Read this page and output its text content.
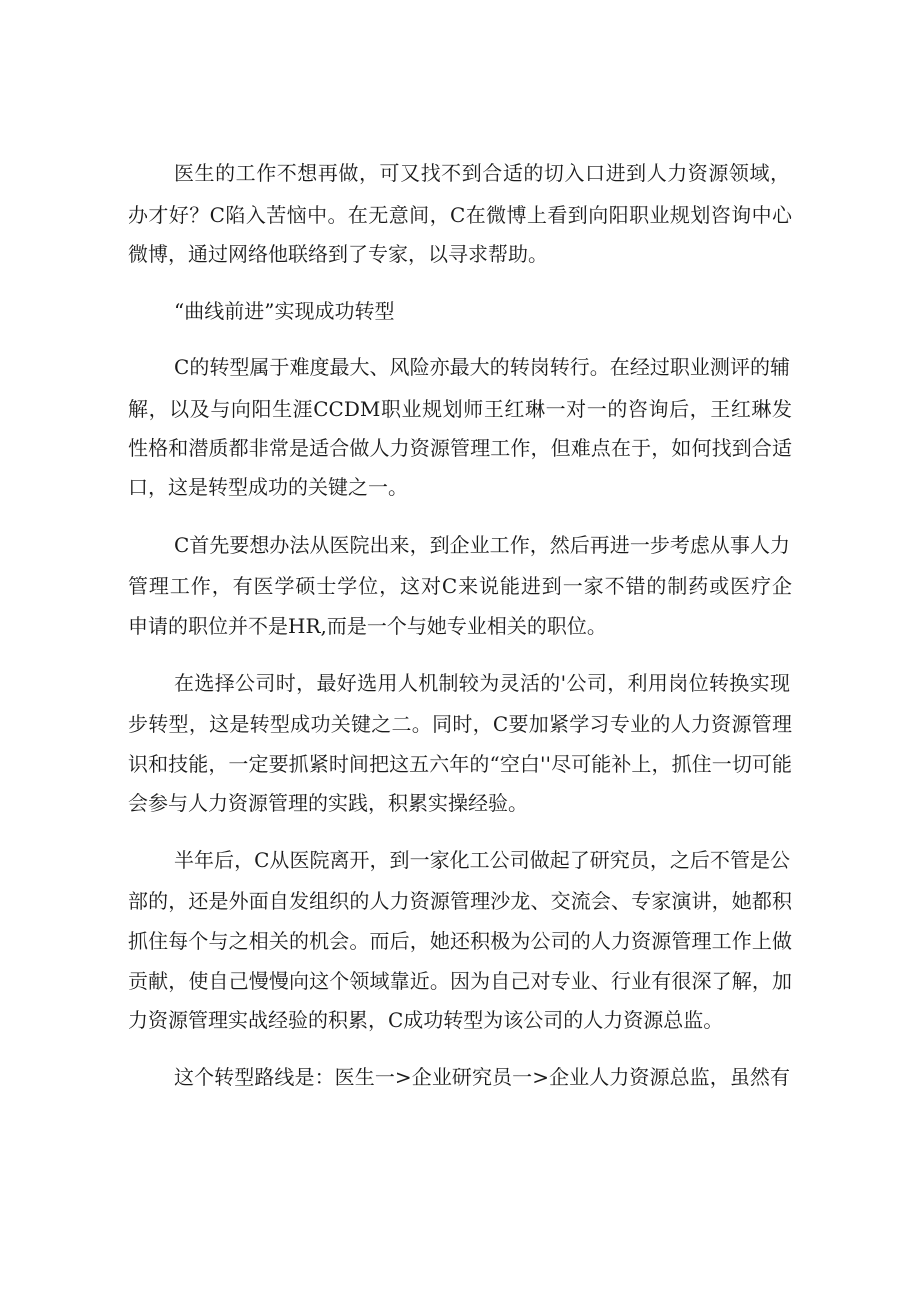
医生的工作不想再做，可又找不到合适的切入口进到人力资源领域，
办才好？C陷入苦恼中。在无意间，C在微博上看到向阳职业规划咨询中心
微博，通过网络他联络到了专家，以寻求帮助。
“曲线前进”实现成功转型
C的转型属于难度最大、风险亦最大的转岗转行。在经过职业测评的辅
解，以及与向阳生涯CCDM职业规划师王红琳一对一的咨询后，王红琳发
性格和潜质都非常是适合做人力资源管理工作，但难点在于，如何找到合适
口，这是转型成功的关键之一。
C首先要想办法从医院出来，到企业工作，然后再进一步考虑从事人力
管理工作，有医学硕士学位，这对C来说能进到一家不错的制药或医疗企
申请的职位并不是HR,而是一个与她专业相关的职位。
在选择公司时，最好选用人机制较为灵活的'公司，利用岗位转换实现
步转型，这是转型成功关键之二。同时，C要加紧学习专业的人力资源管理
识和技能，一定要抓紧时间把这五六年的“空白''尽可能补上，抓住一切可能
会参与人力资源管理的实践，积累实操经验。
半年后，C从医院离开，到一家化工公司做起了研究员，之后不管是公
部的，还是外面自发组织的人力资源管理沙龙、交流会、专家演讲，她都积
抓住每个与之相关的机会。而后，她还积极为公司的人力资源管理工作上做
贡献，使自己慢慢向这个领域靠近。因为自己对专业、行业有很深了解，加
力资源管理实战经验的积累，C成功转型为该公司的人力资源总监。
这个转型路线是：医生一>企业研究员一>企业人力资源总监，虽然有
